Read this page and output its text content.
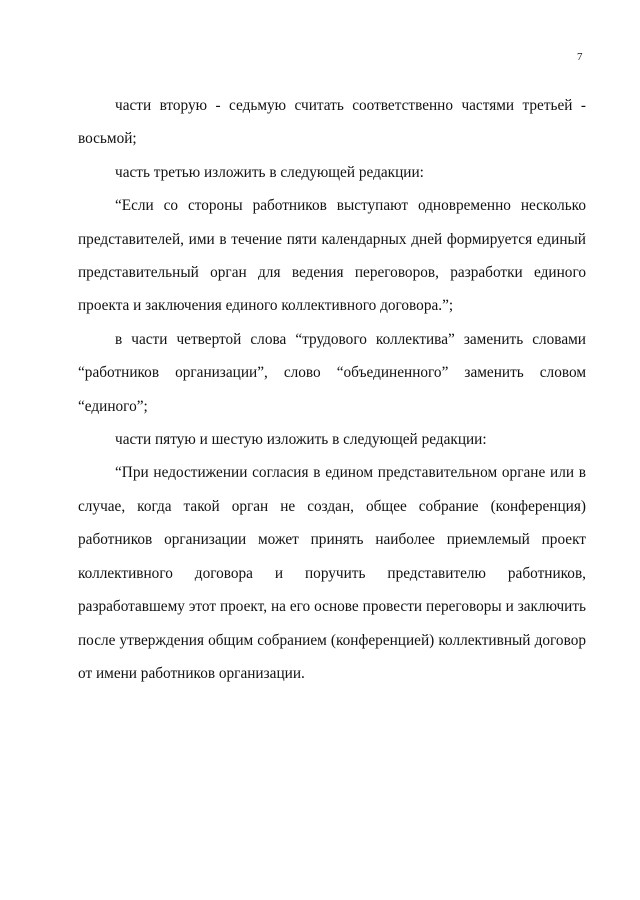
7

части вторую - седьмую считать соответственно частями третьей - восьмой;

часть третью изложить в следующей редакции:

“Если со стороны работников выступают одновременно несколько представителей, ими в течение пяти календарных дней формируется единый представительный орган для ведения переговоров, разработки единого проекта и заключения единого коллективного договора.”;

в части четвертой слова “трудового коллектива” заменить словами “работников организации”, слово “объединенного” заменить словом “единого”;

части пятую и шестую изложить в следующей редакции:

“При недостижении согласия в едином представительном органе или в случае, когда такой орган не создан, общее собрание (конференция) работников организации может принять наиболее приемлемый проект коллективного договора и поручить представителю работников, разработавшему этот проект, на его основе провести переговоры и заключить после утверждения общим собранием (конференцией) коллективный договор от имени работников организации.
